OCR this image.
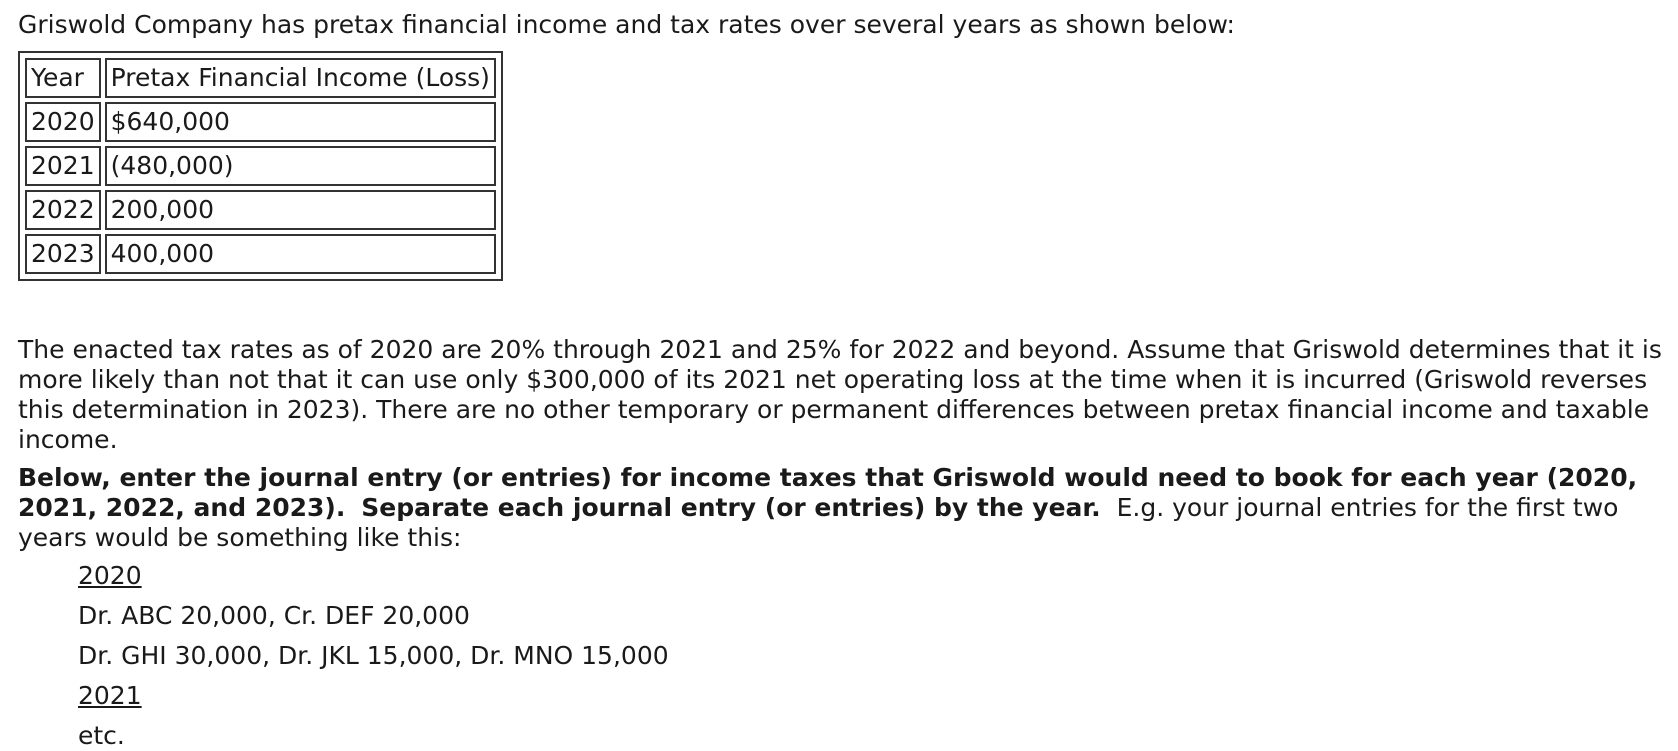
Griswold Company has pretax financial income and tax rates over several years as shown below:

Year	Pretax Financial Income (Loss)
2020	$640,000
2021	(480,000)
2022	200,000
2023	400,000

The enacted tax rates as of 2020 are 20% through 2021 and 25% for 2022 and beyond. Assume that Griswold determines that it is more likely than not that it can use only $300,000 of its 2021 net operating loss at the time when it is incurred (Griswold reverses this determination in 2023). There are no other temporary or permanent differences between pretax financial income and taxable income.

Below, enter the journal entry (or entries) for income taxes that Griswold would need to book for each year (2020, 2021, 2022, and 2023). Separate each journal entry (or entries) by the year. E.g. your journal entries for the first two years would be something like this:

2020
Dr. ABC 20,000, Cr. DEF 20,000
Dr. GHI 30,000, Dr. JKL 15,000, Dr. MNO 15,000
2021
etc.
